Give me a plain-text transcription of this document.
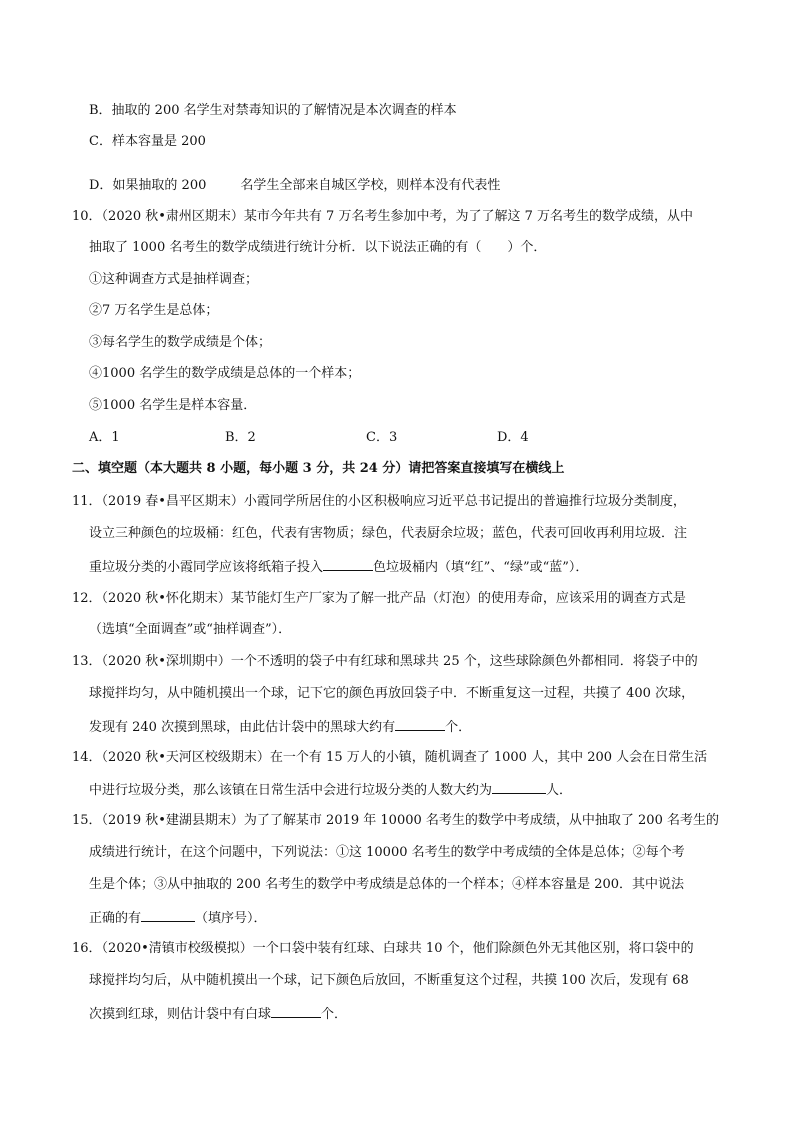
B．抽取的 200 名学生对禁毒知识的了解情况是本次调查的样本
C．样本容量是 200
D．如果抽取的 200	名学生全部来自城区学校，则样本没有代表性
10．（2020 秋•肃州区期末）某市今年共有 7 万名考生参加中考，为了了解这 7 万名考生的数学成绩，从中
抽取了 1000 名考生的数学成绩进行统计分析．以下说法正确的有（　　）个．
①这种调查方式是抽样调查；
②7 万名学生是总体；
③每名学生的数学成绩是个体；
④1000 名学生的数学成绩是总体的一个样本；
⑤1000 名学生是样本容量．
A．1	B．2	C．3	D．4
二、填空题（本大题共 8 小题，每小题 3 分，共 24 分）请把答案直接填写在横线上
11．（2019 春•昌平区期末）小霞同学所居住的小区积极响应习近平总书记提出的普遍推行垃圾分类制度，
设立三种颜色的垃圾桶：红色，代表有害物质；绿色，代表厨余垃圾；蓝色，代表可回收再利用垃圾．注
重垃圾分类的小霞同学应该将纸箱子投入	色垃圾桶内（填“红”、“绿”或“蓝”）．
12．（2020 秋•怀化期末）某节能灯生产厂家为了解一批产品（灯泡）的使用寿命，应该采用的调查方式是
（选填“全面调查”或“抽样调查”）．
13．（2020 秋•深圳期中）一个不透明的袋子中有红球和黑球共 25 个，这些球除颜色外都相同．将袋子中的
球搅拌均匀，从中随机摸出一个球，记下它的颜色再放回袋子中．不断重复这一过程，共摸了 400 次球，
发现有 240 次摸到黑球，由此估计袋中的黑球大约有	个．
14．（2020 秋•天河区校级期末）在一个有 15 万人的小镇，随机调查了 1000 人，其中 200 人会在日常生活
中进行垃圾分类，那么该镇在日常生活中会进行垃圾分类的人数大约为	人．
15．（2019 秋•建湖县期末）为了了解某市 2019 年 10000 名考生的数学中考成绩，从中抽取了 200 名考生的
成绩进行统计，在这个问题中，下列说法：①这 10000 名考生的数学中考成绩的全体是总体；②每个考
生是个体；③从中抽取的 200 名考生的数学中考成绩是总体的一个样本；④样本容量是 200．其中说法
正确的有	（填序号）．
16．（2020•清镇市校级模拟）一个口袋中装有红球、白球共 10 个，他们除颜色外无其他区别，将口袋中的
球搅拌均匀后，从中随机摸出一个球，记下颜色后放回，不断重复这个过程，共摸 100 次后，发现有 68
次摸到红球，则估计袋中有白球	个．
